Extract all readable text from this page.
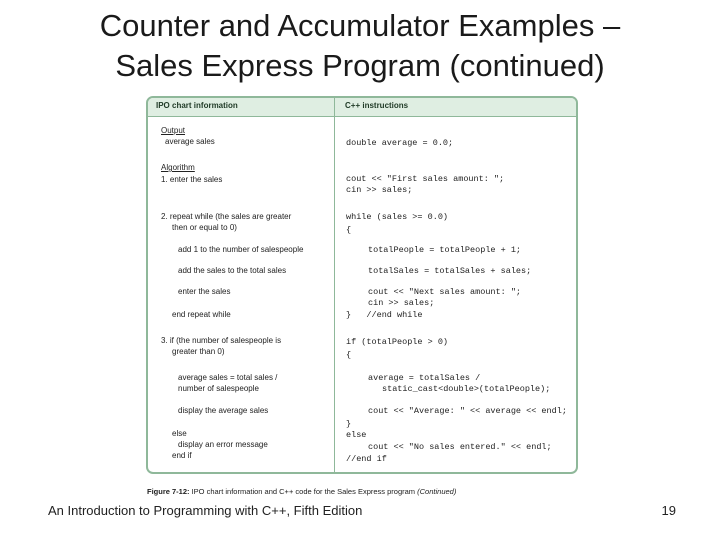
Counter and Accumulator Examples –
Sales Express Program (continued)
IPO chart information	C++ instructions
Output
average sales
Algorithm
1. enter the sales
2. repeat while (the sales are greater
then or equal to 0)
add 1 to the number of salespeople
add the sales to the total sales
enter the sales
end repeat while
3. if (the number of salespeople is
greater than 0)
average sales = total sales /
number of salespeople
display the average sales
else
display an error message
end if
double average = 0.0;
cout << "First sales amount: ";
cin >> sales;
while (sales >= 0.0)
{
totalPeople = totalPeople + 1;
totalSales = totalSales + sales;
cout << "Next sales amount: ";
cin >> sales;
}   //end while
if (totalPeople > 0)
{
average = totalSales /
static_cast<double>(totalPeople);
cout << "Average: " << average << endl;
}
else
cout << "No sales entered." << endl;
//end if
Figure 7-12: IPO chart information and C++ code for the Sales Express program (Continued)
An Introduction to Programming with C++, Fifth Edition	19
